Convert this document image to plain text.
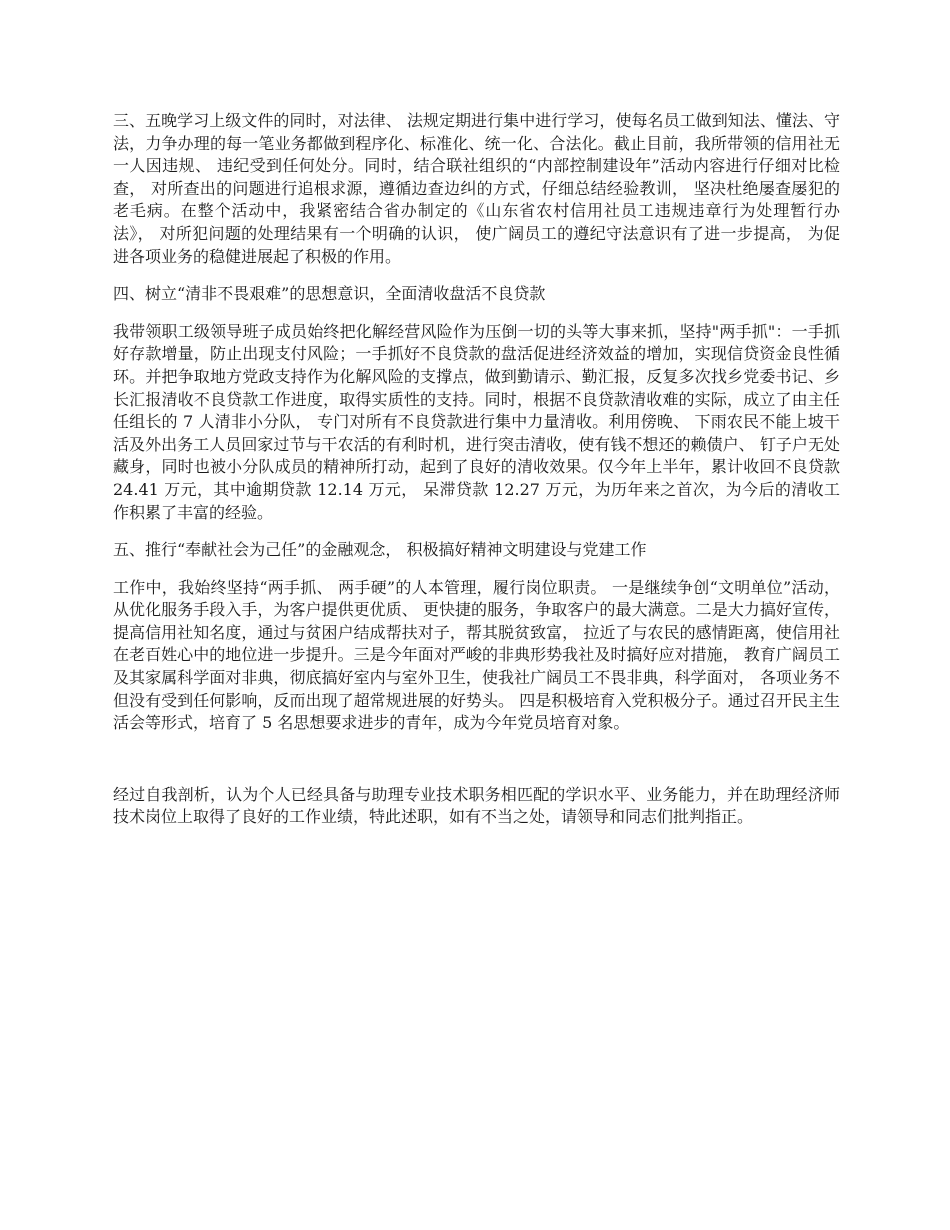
三、五晚学习上级文件的同时，对法律、 法规定期进行集中进行学习，使每名员工做到知法、懂法、守法，力争办理的每一笔业务都做到程序化、标准化、统一化、合法化。截止目前，我所带领的信用社无一人因违规、 违纪受到任何处分。同时，结合联社组织的“内部控制建设年”活动内容进行仔细对比检查， 对所查出的问题进行追根求源，遵循边查边纠的方式，仔细总结经验教训， 坚决杜绝屡查屡犯的老毛病。在整个活动中，我紧密结合省办制定的《山东省农村信用社员工违规违章行为处理暂行办法》， 对所犯问题的处理结果有一个明确的认识， 使广阔员工的遵纪守法意识有了进一步提高， 为促进各项业务的稳健进展起了积极的作用。

四、树立“清非不畏艰难”的思想意识，全面清收盘活不良贷款

我带领职工级领导班子成员始终把化解经营风险作为压倒一切的头等大事来抓，坚持"两手抓"：一手抓好存款增量，防止出现支付风险；一手抓好不良贷款的盘活促进经济效益的增加，实现信贷资金良性循环。并把争取地方党政支持作为化解风险的支撑点，做到勤请示、勤汇报，反复多次找乡党委书记、乡长汇报清收不良贷款工作进度，取得实质性的支持。同时，根据不良贷款清收难的实际，成立了由主任任组长的 7 人清非小分队， 专门对所有不良贷款进行集中力量清收。利用傍晚、 下雨农民不能上坡干活及外出务工人员回家过节与干农活的有利时机，进行突击清收，使有钱不想还的赖债户、 钉子户无处藏身，同时也被小分队成员的精神所打动，起到了良好的清收效果。仅今年上半年，累计收回不良贷款 24.41 万元，其中逾期贷款 12.14 万元， 呆滞贷款 12.27 万元，为历年来之首次，为今后的清收工作积累了丰富的经验。

五、推行“奉献社会为己任”的金融观念， 积极搞好精神文明建设与党建工作

工作中，我始终坚持“两手抓、 两手硬”的人本管理，履行岗位职责。 一是继续争创“文明单位”活动，从优化服务手段入手，为客户提供更优质、 更快捷的服务，争取客户的最大满意。二是大力搞好宣传， 提高信用社知名度，通过与贫困户结成帮扶对子，帮其脱贫致富， 拉近了与农民的感情距离，使信用社在老百姓心中的地位进一步提升。三是今年面对严峻的非典形势我社及时搞好应对措施， 教育广阔员工及其家属科学面对非典，彻底搞好室内与室外卫生，使我社广阔员工不畏非典，科学面对， 各项业务不但没有受到任何影响，反而出现了超常规进展的好势头。 四是积极培育入党积极分子。通过召开民主生活会等形式，培育了 5 名思想要求进步的青年，成为今年党员培育对象。

经过自我剖析，认为个人已经具备与助理专业技术职务相匹配的学识水平、业务能力，并在助理经济师技术岗位上取得了良好的工作业绩，特此述职，如有不当之处，请领导和同志们批判指正。
